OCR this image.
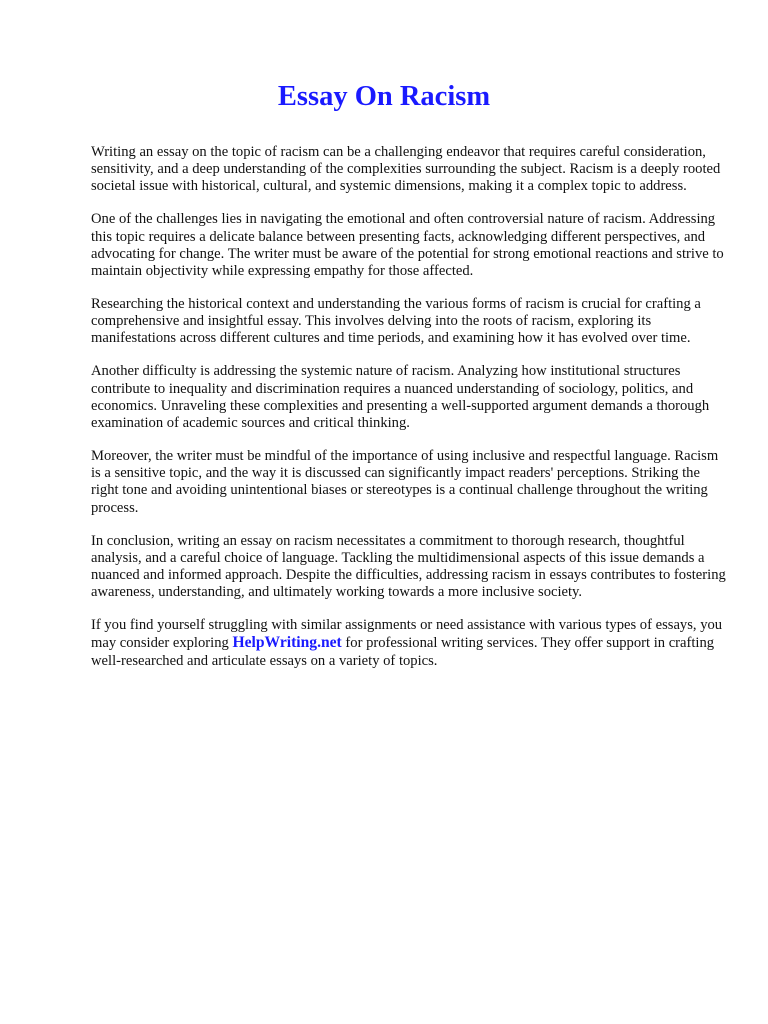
Essay On Racism

Writing an essay on the topic of racism can be a challenging endeavor that requires careful consideration, sensitivity, and a deep understanding of the complexities surrounding the subject. Racism is a deeply rooted societal issue with historical, cultural, and systemic dimensions, making it a complex topic to address.

One of the challenges lies in navigating the emotional and often controversial nature of racism. Addressing this topic requires a delicate balance between presenting facts, acknowledging different perspectives, and advocating for change. The writer must be aware of the potential for strong emotional reactions and strive to maintain objectivity while expressing empathy for those affected.

Researching the historical context and understanding the various forms of racism is crucial for crafting a comprehensive and insightful essay. This involves delving into the roots of racism, exploring its manifestations across different cultures and time periods, and examining how it has evolved over time.

Another difficulty is addressing the systemic nature of racism. Analyzing how institutional structures contribute to inequality and discrimination requires a nuanced understanding of sociology, politics, and economics. Unraveling these complexities and presenting a well-supported argument demands a thorough examination of academic sources and critical thinking.

Moreover, the writer must be mindful of the importance of using inclusive and respectful language. Racism is a sensitive topic, and the way it is discussed can significantly impact readers' perceptions. Striking the right tone and avoiding unintentional biases or stereotypes is a continual challenge throughout the writing process.

In conclusion, writing an essay on racism necessitates a commitment to thorough research, thoughtful analysis, and a careful choice of language. Tackling the multidimensional aspects of this issue demands a nuanced and informed approach. Despite the difficulties, addressing racism in essays contributes to fostering awareness, understanding, and ultimately working towards a more inclusive society.

If you find yourself struggling with similar assignments or need assistance with various types of essays, you may consider exploring HelpWriting.net for professional writing services. They offer support in crafting well-researched and articulate essays on a variety of topics.
